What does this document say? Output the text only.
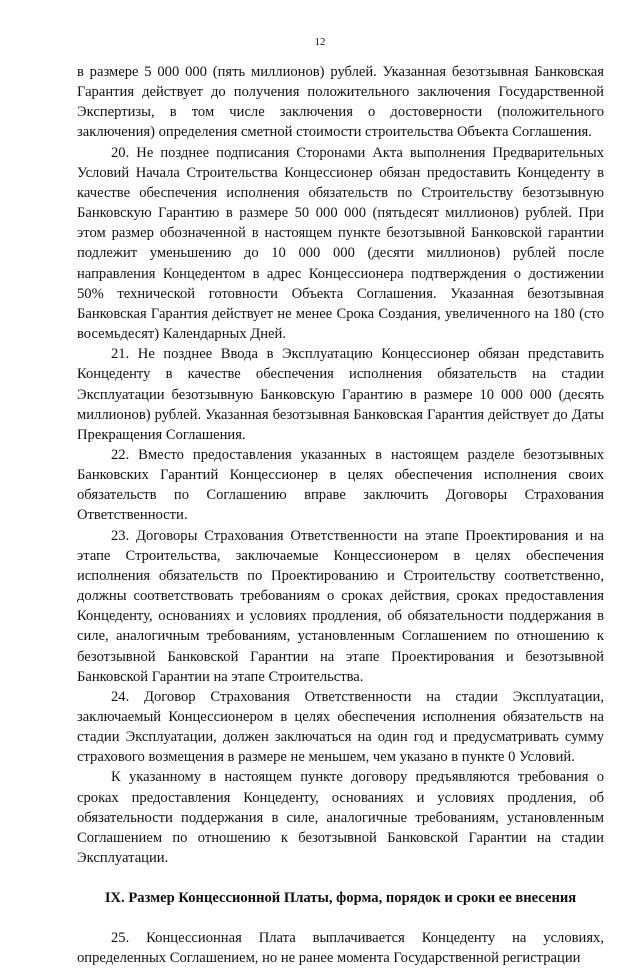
12

в размере 5 000 000 (пять миллионов) рублей. Указанная безотзывная Банковская Гарантия действует до получения положительного заключения Государственной Экспертизы, в том числе заключения о достоверности (положительного заключения) определения сметной стоимости строительства Объекта Соглашения.

20. Не позднее подписания Сторонами Акта выполнения Предварительных Условий Начала Строительства Концессионер обязан предоставить Концеденту в качестве обеспечения исполнения обязательств по Строительству безотзывную Банковскую Гарантию в размере 50 000 000 (пятьдесят миллионов) рублей. При этом размер обозначенной в настоящем пункте безотзывной Банковской гарантии подлежит уменьшению до 10 000 000 (десяти миллионов) рублей после направления Концедентом в адрес Концессионера подтверждения о достижении 50% технической готовности Объекта Соглашения. Указанная безотзывная Банковская Гарантия действует не менее Срока Создания, увеличенного на 180 (сто восемьдесят) Календарных Дней.

21. Не позднее Ввода в Эксплуатацию Концессионер обязан представить Концеденту в качестве обеспечения исполнения обязательств на стадии Эксплуатации безотзывную Банковскую Гарантию в размере 10 000 000 (десять миллионов) рублей. Указанная безотзывная Банковская Гарантия действует до Даты Прекращения Соглашения.

22. Вместо предоставления указанных в настоящем разделе безотзывных Банковских Гарантий Концессионер в целях обеспечения исполнения своих обязательств по Соглашению вправе заключить Договоры Страхования Ответственности.

23. Договоры Страхования Ответственности на этапе Проектирования и на этапе Строительства, заключаемые Концессионером в целях обеспечения исполнения обязательств по Проектированию и Строительству соответственно, должны соответствовать требованиям о сроках действия, сроках предоставления Концеденту, основаниях и условиях продления, об обязательности поддержания в силе, аналогичным требованиям, установленным Соглашением по отношению к безотзывной Банковской Гарантии на этапе Проектирования и безотзывной Банковской Гарантии на этапе Строительства.

24. Договор Страхования Ответственности на стадии Эксплуатации, заключаемый Концессионером в целях обеспечения исполнения обязательств на стадии Эксплуатации, должен заключаться на один год и предусматривать сумму страхового возмещения в размере не меньшем, чем указано в пункте 0 Условий.

К указанному в настоящем пункте договору предъявляются требования о сроках предоставления Концеденту, основаниях и условиях продления, об обязательности поддержания в силе, аналогичные требованиям, установленным Соглашением по отношению к безотзывной Банковской Гарантии на стадии Эксплуатации.

IX. Размер Концессионной Платы, форма, порядок и сроки ее внесения

25. Концессионная Плата выплачивается Концеденту на условиях, определенных Соглашением, но не ранее момента Государственной регистрации
